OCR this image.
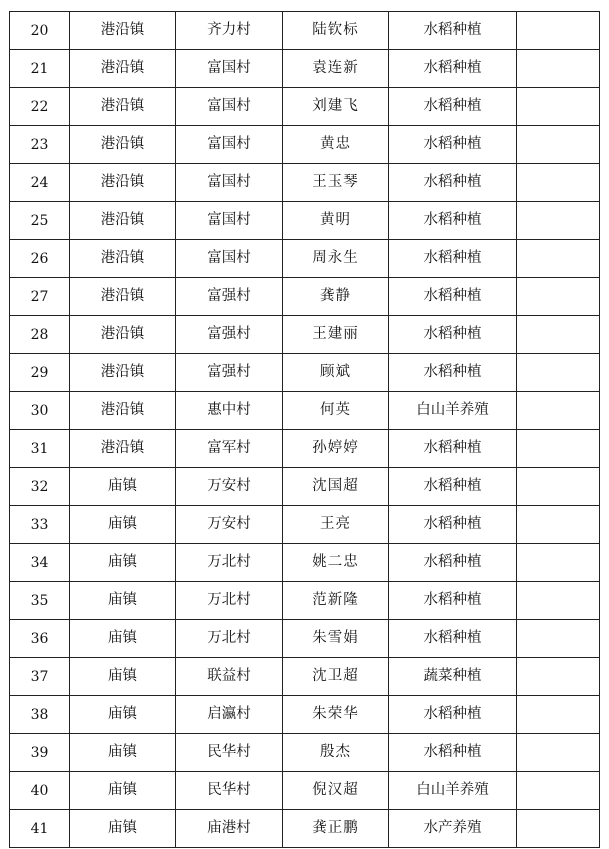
20	港沿镇	齐力村	陆钦标	水稻种植	
21	港沿镇	富国村	袁连新	水稻种植	
22	港沿镇	富国村	刘建飞	水稻种植	
23	港沿镇	富国村	黄忠	水稻种植	
24	港沿镇	富国村	王玉琴	水稻种植	
25	港沿镇	富国村	黄明	水稻种植	
26	港沿镇	富国村	周永生	水稻种植	
27	港沿镇	富强村	龚静	水稻种植	
28	港沿镇	富强村	王建丽	水稻种植	
29	港沿镇	富强村	顾斌	水稻种植	
30	港沿镇	惠中村	何英	白山羊养殖	
31	港沿镇	富军村	孙婷婷	水稻种植	
32	庙镇	万安村	沈国超	水稻种植	
33	庙镇	万安村	王亮	水稻种植	
34	庙镇	万北村	姚二忠	水稻种植	
35	庙镇	万北村	范新隆	水稻种植	
36	庙镇	万北村	朱雪娟	水稻种植	
37	庙镇	联益村	沈卫超	蔬菜种植	
38	庙镇	启瀛村	朱荣华	水稻种植	
39	庙镇	民华村	殷杰	水稻种植	
40	庙镇	民华村	倪汉超	白山羊养殖	
41	庙镇	庙港村	龚正鹏	水产养殖	
